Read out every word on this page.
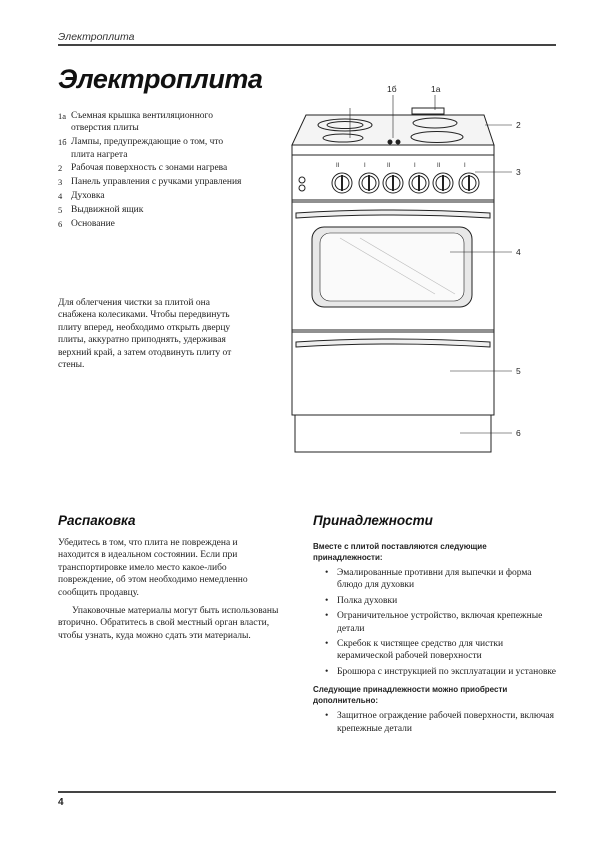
Электроплита
Электроплита
1a Съемная крышка вентиляционного отверстия плиты
1б Лампы, предупреждающие о том, что плита нагрета
2 Рабочая поверхность с зонами нагрева
3 Панель управления с ручками управления
4 Духовка
5 Выдвижной ящик
6 Основание
Для облегчения чистки за плитой она снабжена колесиками. Чтобы передвинуть плиту вперед, необходимо открыть дверцу плиты, аккуратно приподнять, удерживая верхний край, а затем отодвинуть плиту от стены.
II	I	II	I	II	I
1б	1a
2
3
4
5
6
Распаковка

Убедитесь в том, что плита не повреждена и находится в идеальном состоянии. Если при транспортировке имело место какое-либо повреждение, об этом необходимо немедленно сообщить продавцу.

Упаковочные материалы могут быть использованы вторично. Обратитесь в свой местный орган власти, чтобы узнать, куда можно сдать эти материалы.

Принадлежности

Вместе с плитой поставляются следующие принадлежности:

• Эмалированные противни для выпечки и форма блюдо для духовки
• Полка духовки
• Ограничительное устройство, включая крепежные детали
• Скребок к чистящее средство для чистки керамической рабочей поверхности
• Брошюра с инструкцией по эксплуатации и установке

Следующие принадлежности можно приобрести дополнительно:

• Защитное ограждение рабочей поверхности, включая крепежные детали
4
